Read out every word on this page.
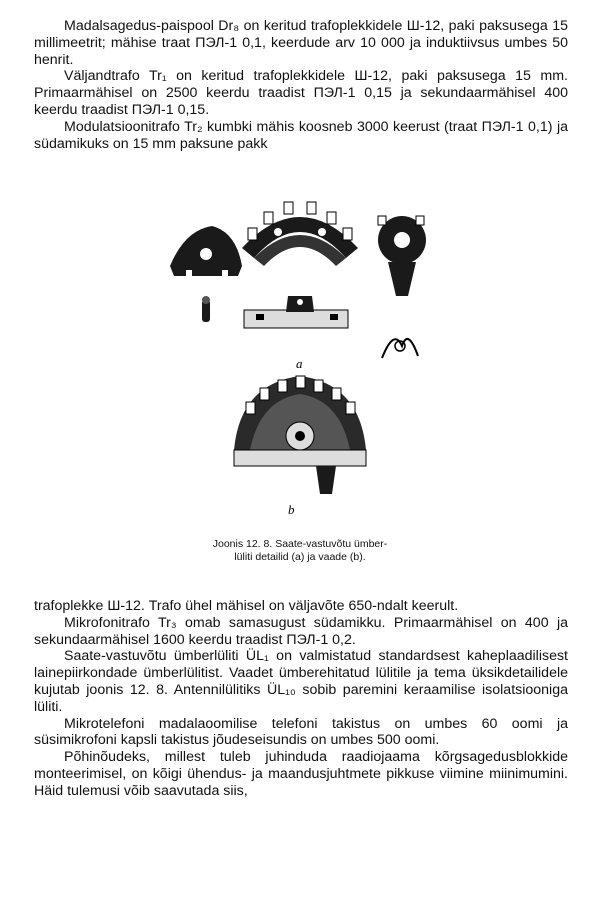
Madalsagedus-paispool Dr₈ on keritud trafoplekkidele Ш-12, paki paksusega 15 millimeetrit; mähise traat ПЭЛ-1 0,1, keerdude arv 10 000 ja induktiivsus umbes 50 henrit.

Väljandtrafo Tr₁ on keritud trafoplekkidele Ш-12, paki paksusega 15 mm. Primaarmähisel on 2500 keerdu traadist ПЭЛ-1 0,15 ja sekundaarmähisel 400 keerdu traadist ПЭЛ-1 0,15.

Modulatsioonitrafo Tr₂ kumbki mähis koosneb 3000 keerust (traat ПЭЛ-1 0,1) ja südamikuks on 15 mm paksune pakk

a
b
Joonis 12. 8. Saate-vastuvõtu ümber-
lüliti detailid (a) ja vaade (b).

trafoplekke Ш-12. Trafo ühel mähisel on väljavõte 650-ndalt keerult.

Mikrofonitrafo Tr₃ omab samasugust südamikku. Primaarmähisel on 400 ja sekundaarmähisel 1600 keerdu traadist ПЭЛ-1 0,2.

Saate-vastuvõtu ümberlüliti ÜL₁ on valmistatud standardsest kaheplaadilisest lainepiirkondade ümberlülitist. Vaadet ümberehitatud lülitile ja tema üksikdetailidele kujutab joonis 12. 8. Antennilülitiks ÜL₁₀ sobib paremini keraamilise isolatsiooniga lüliti.

Mikrotelefoni madalaoomilise telefoni takistus on umbes 60 oomi ja süsimikrofoni kapsli takistus jõudeseisundis on umbes 500 oomi.

Põhinõudeks, millest tuleb juhinduda raadiojaama kõrgsagedusblokkide monteerimisel, on kõigi ühendus- ja maandusjuhtmete pikkuse viimine miinimumini. Häid tulemusi võib saavutada siis,
